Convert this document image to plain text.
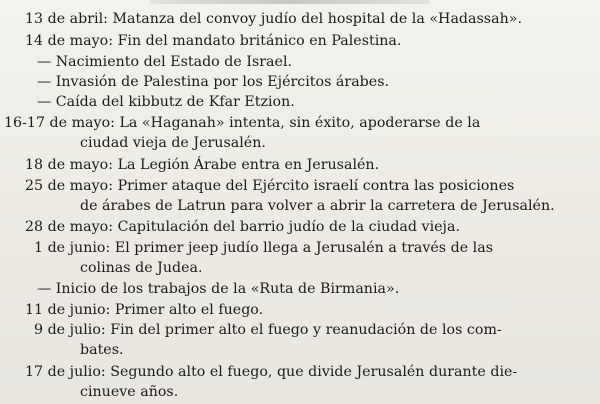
13 de abril: Matanza del convoy judío del hospital de la «Hadassah».
14 de mayo: Fin del mandato británico en Palestina.
— Nacimiento del Estado de Israel.
— Invasión de Palestina por los Ejércitos árabes.
— Caída del kibbutz de Kfar Etzion.
16-17 de mayo: La «Haganah» intenta, sin éxito, apoderarse de la
ciudad vieja de Jerusalén.
18 de mayo: La Legión Árabe entra en Jerusalén.
25 de mayo: Primer ataque del Ejército israelí contra las posiciones
de árabes de Latrun para volver a abrir la carretera de Jerusalén.
28 de mayo: Capitulación del barrio judío de la ciudad vieja.
1 de junio: El primer jeep judío llega a Jerusalén a través de las
colinas de Judea.
— Inicio de los trabajos de la «Ruta de Birmania».
11 de junio: Primer alto el fuego.
9 de julio: Fin del primer alto el fuego y reanudación de los com-
bates.
17 de julio: Segundo alto el fuego, que divide Jerusalén durante die-
cinueve años.
